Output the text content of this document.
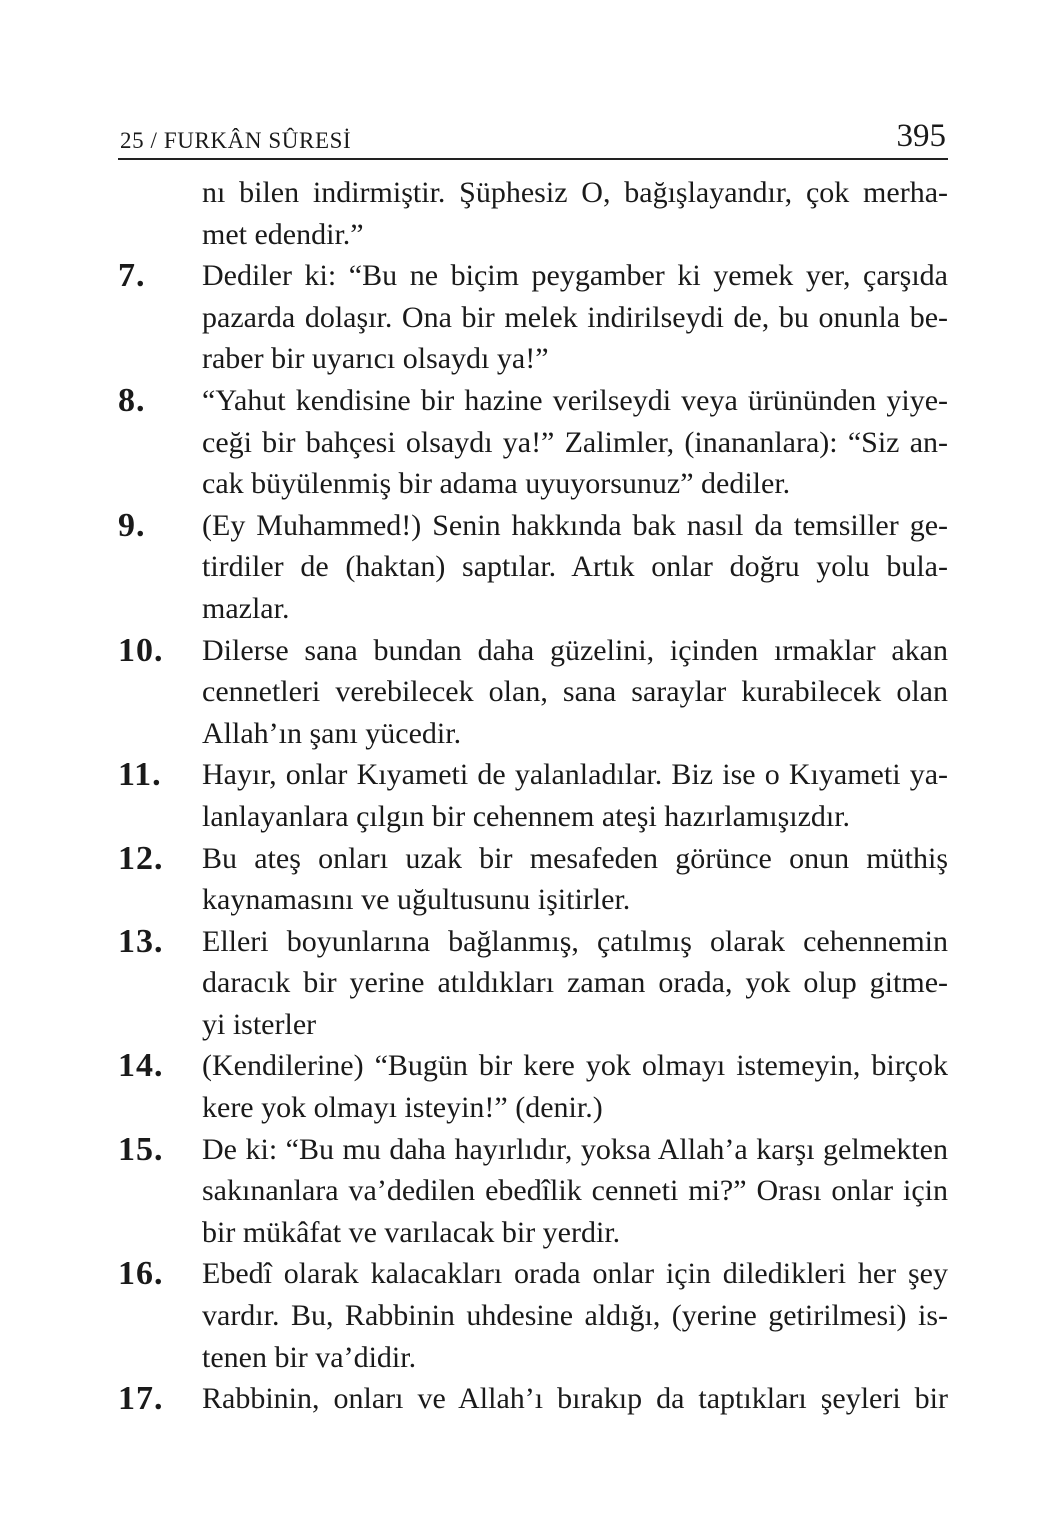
25 / FURKÂN SÛRESİ	395
nı bilen indirmiştir. Şüphesiz O, bağışlayandır, çok merha-
met edendir.”
7.	Dediler ki: “Bu ne biçim peygamber ki yemek yer, çarşıda
pazarda dolaşır. Ona bir melek indirilseydi de, bu onunla be-
raber bir uyarıcı olsaydı ya!”
8.	“Yahut kendisine bir hazine verilseydi veya ürününden yiye-
ceği bir bahçesi olsaydı ya!” Zalimler, (inananlara): “Siz an-
cak büyülenmiş bir adama uyuyorsunuz” dediler.
9.	(Ey Muhammed!) Senin hakkında bak nasıl da temsiller ge-
tirdiler de (haktan) saptılar. Artık onlar doğru yolu bula-
mazlar.
10.	Dilerse sana bundan daha güzelini, içinden ırmaklar akan
cennetleri verebilecek olan, sana saraylar kurabilecek olan
Allah’ın şanı yücedir.
11.	Hayır, onlar Kıyameti de yalanladılar. Biz ise o Kıyameti ya-
lanlayanlara çılgın bir cehennem ateşi hazırlamışızdır.
12.	Bu ateş onları uzak bir mesafeden görünce onun müthiş
kaynamasını ve uğultusunu işitirler.
13.	Elleri boyunlarına bağlanmış, çatılmış olarak cehennemin
daracık bir yerine atıldıkları zaman orada, yok olup gitme-
yi isterler
14.	(Kendilerine) “Bugün bir kere yok olmayı istemeyin, birçok
kere yok olmayı isteyin!” (denir.)
15.	De ki: “Bu mu daha hayırlıdır, yoksa Allah’a karşı gelmekten
sakınanlara va’dedilen ebedîlik cenneti mi?” Orası onlar için
bir mükâfat ve varılacak bir yerdir.
16.	Ebedî olarak kalacakları orada onlar için diledikleri her şey
vardır. Bu, Rabbinin uhdesine aldığı, (yerine getirilmesi) is-
tenen bir va’didir.
17.	Rabbinin, onları ve Allah’ı bırakıp da taptıkları şeyleri bir
